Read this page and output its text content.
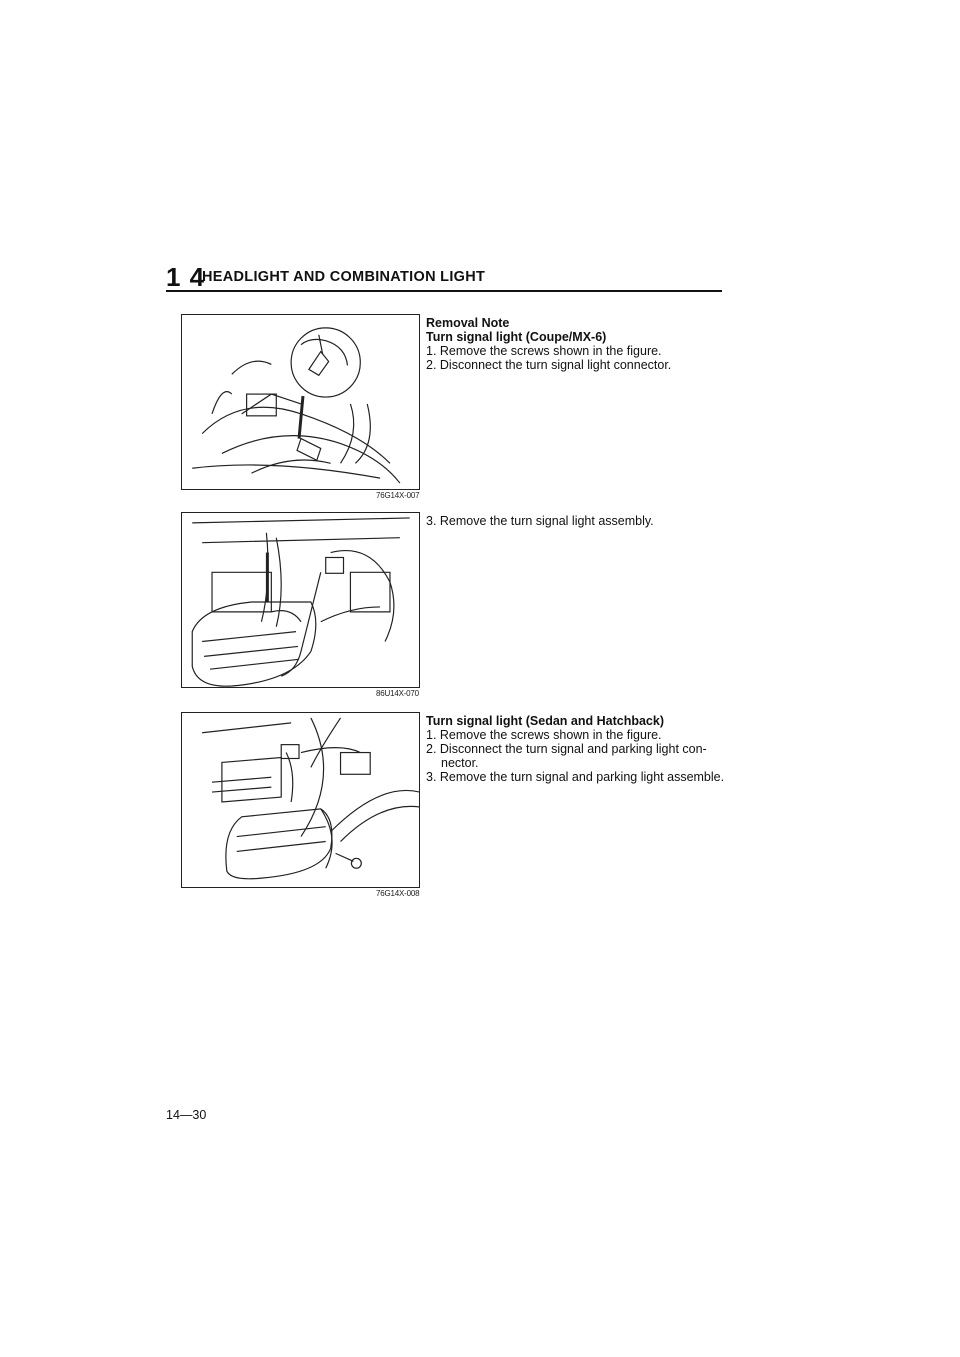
1 4
HEADLIGHT AND COMBINATION LIGHT
76G14X-007
Removal Note
Turn signal light (Coupe/MX-6)
1. Remove the screws shown in the figure.
2. Disconnect the turn signal light connector.
86U14X-070
3. Remove the turn signal light assembly.
76G14X-008
Turn signal light (Sedan and Hatchback)
1. Remove the screws shown in the figure.
2. Disconnect the turn signal and parking light con- nector.
3. Remove the turn signal and parking light assemble.
14—30
